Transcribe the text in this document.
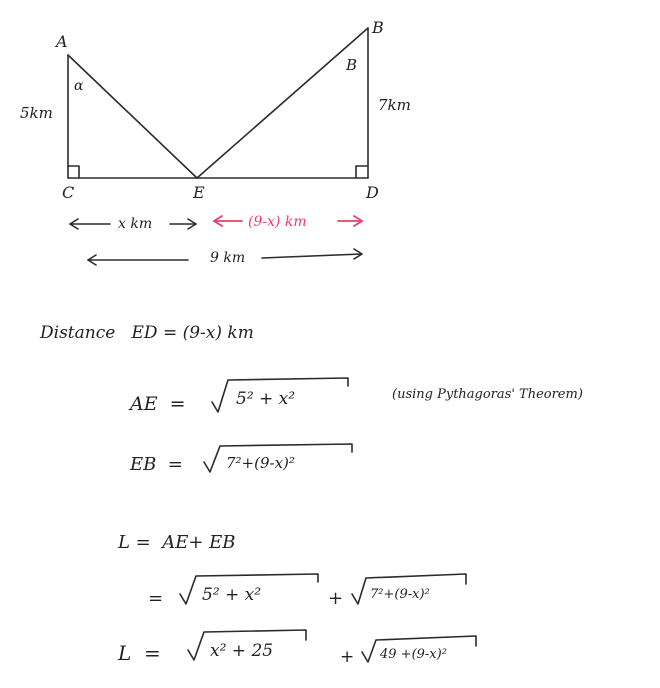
A
B
C	D
E
α
B
5km	7km
x km	(9-x) km
9 km
Distance   ED = (9-x) km
AE  =	5² + x²	(using Pythagoras' Theorem)
EB  =	7²+(9-x)²
L =  AE+ EB
= 5² + x²	+ 7²+(9-x)²
L  =	x² + 25	+ 49 +(9-x)²
